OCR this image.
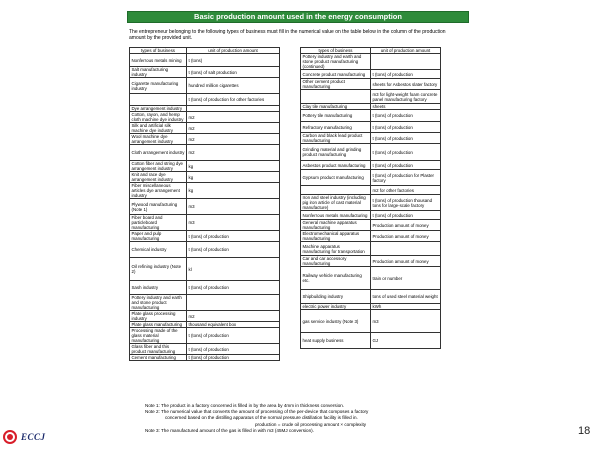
Basic production amount used in the energy consumption
The entrepreneur belonging to the following types of business must fill in the numerical value on the table below in the column of the production amount by the provided unit.
types of business	unit of production amount
Nonferrous metals mining	t (tons)
Salt manufacturing industry	t (tons) of salt production
Cigarette manufacturing industry	hundred million cigarettes
	t (tons) of production for other factories
Dye arrangement industry	
Cotton, rayon, and hemp cloth machine dye industry	m2
Silk and artificial silk machine dye industry	m2
Wool machine dye arrangement industry	m2
Cloth arrangement industry	m2
Cotton fiber and string dye arrangement industry	kg
Knit and race dye arrangement industry	kg
Fiber miscellaneous articles dye arrangement industry	kg
Plywood manufacturing (Note 1)	m3
Fiber board and particleboard manufacturing	m3
Paper and pulp manufacturing	t (tons) of production
Chemical industry	t (tons) of production
Oil refining industry (Note 2)	kl
Sash industry	t (tons) of production
Pottery industry and earth and stone product manufacturing	
Plate glass processing industry	m2
Plate glass manufacturing	thousand equivalent box
Processing made of the glass material manufacturing	t (tons) of production
Glass fiber and this product manufacturing	t (tons) of production
Cement manufacturing	t (tons) of production
types of business	unit of production amount
Pottery industry and earth and stone product manufacturing (continued)	
Concrete product manufacturing	t (tons) of production
Other cement product manufacturing	sheets for Asbestos slater factory
	m3 for light-weight foam concrete panel manufacturing factory
Clay tile manufacturing	sheets
Pottery tile manufacturing	t (tons) of production
Refractory manufacturing	t (tons) of production
Carbon and black lead product manufacturing	t (tons) of production
Grinding material and grinding product manufacturing	t (tons) of production
Asbestos product manufacturing	t (tons) of production
Gypsum product manufacturing	t (tons) of production for Plaster factory
	m2 for other factories
Iron and steel industry (including pig iron article of cast material manufacture)	t (tons) of production thousand tons for large-scale factory
Nonferrous metals manufacturing	t (tons) of production
General machine apparatus manufacturing	Production amount of money
Electromechanical apparatus manufacturing	Production amount of money
Machine apparatus manufacturing for transportation	
Car and car accessory manufacturing	Production amount of money
Railway vehicle manufacturing etc.	train or number
Shipbuilding industry	tons of used steel material weight
electric power industry	kWh
gas service industry (Note 3)	m3
heat supply business	GJ
Note 1: The product in a factory concerned is filled in by the area by 4mm in thickness conversion.
Note 2: The numerical value that converts the amount of processing of the per-device that composes a factory
concerned based on the distilling apparatus of the normal pressure distillation facility is filled in.
production = crude oil processing amount × complexity
Note 3: The manufactured amount of the gas is filled in with m3 (45MJ conversion).
ECCJ	18
